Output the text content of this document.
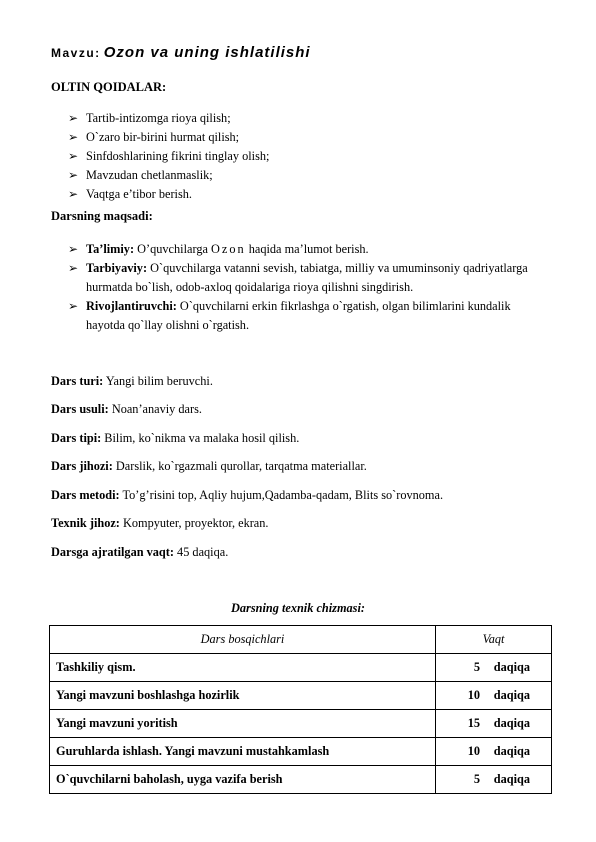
Mavzu: Ozon va uning ishlatilishi
OLTIN QOIDALAR:
➢ Tartib-intizomga rioya qilish;
➢ O`zaro bir-birini hurmat qilish;
➢ Sinfdoshlarining fikrini tinglay olish;
➢ Mavzudan chetlanmaslik;
➢ Vaqtga e’tibor berish.
Darsning maqsadi:
➢ Ta’limiy: O’quvchilarga Ozon haqida ma’lumot berish.
➢ Tarbiyaviy: O`quvchilarga vatanni sevish, tabiatga, milliy va umuminsoniy qadriyatlarga hurmatda bo`lish, odob-axloq qoidalariga rioya qilishni singdirish.
➢ Rivojlantiruvchi: O`quvchilarni erkin fikrlashga o`rgatish, olgan bilimlarini kundalik hayotda qo`llay olishni o`rgatish.
Dars turi: Yangi bilim beruvchi.
Dars usuli: Noan’anaviy dars.
Dars tipi: Bilim, ko`nikma va malaka hosil qilish.
Dars jihozi: Darslik, ko`rgazmali qurollar, tarqatma materiallar.
Dars metodi: To’g’risini top, Aqliy hujum,Qadamba-qadam, Blits so`rovnoma.
Texnik jihoz: Kompyuter, proyektor, ekran.
Darsga ajratilgan vaqt: 45 daqiqa.
Darsning texnik chizmasi:
Dars bosqichlari	Vaqt
Tashkiliy qism.	5 daqiqa
Yangi mavzuni boshlashga hozirlik	10 daqiqa
Yangi mavzuni yoritish	15 daqiqa
Guruhlarda ishlash. Yangi mavzuni mustahkamlash	10 daqiqa
O`quvchilarni baholash, uyga vazifa berish	5 daqiqa
